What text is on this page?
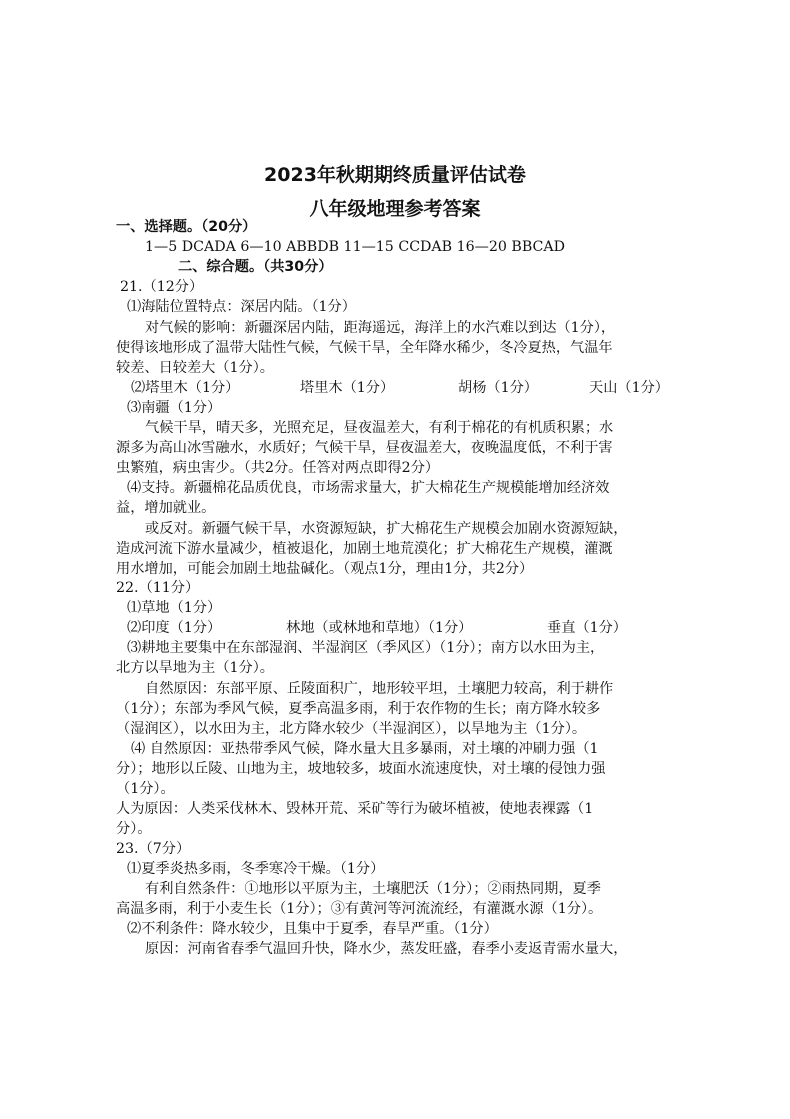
2023年秋期期终质量评估试卷
八年级地理参考答案
一、选择题。（20分）
1—5 DCADA 6—10 ABBDB 11—15 CCDAB 16—20 BBCAD
二、综合题。（共30分）
21.（12分）
⑴海陆位置特点：深居内陆。（1分）
对气候的影响：新疆深居内陆，距海遥远，海洋上的水汽难以到达（1分），
使得该地形成了温带大陆性气候，气候干旱，全年降水稀少，冬冷夏热，气温年
较差、日较差大（1分）。
⑵塔里木（1分）	塔里木（1分）	胡杨（1分）	天山（1分）
⑶南疆（1分）
气候干旱，晴天多，光照充足，昼夜温差大，有利于棉花的有机质积累；水
源多为高山冰雪融水，水质好；气候干旱，昼夜温差大，夜晚温度低，不利于害
虫繁殖，病虫害少。（共2分。任答对两点即得2分）
⑷支持。新疆棉花品质优良，市场需求量大，扩大棉花生产规模能增加经济效
益，增加就业。
或反对。新疆气候干旱，水资源短缺，扩大棉花生产规模会加剧水资源短缺，
造成河流下游水量减少，植被退化，加剧土地荒漠化；扩大棉花生产规模，灌溉
用水增加，可能会加剧土地盐碱化。（观点1分，理由1分，共2分）
22.（11分）
⑴草地（1分）
⑵印度（1分）	林地（或林地和草地）（1分）	垂直（1分）
⑶耕地主要集中在东部湿润、半湿润区（季风区）（1分）；南方以水田为主，
北方以旱地为主（1分）。
自然原因：东部平原、丘陵面积广，地形较平坦，土壤肥力较高，利于耕作
（1分）；东部为季风气候，夏季高温多雨，利于农作物的生长；南方降水较多
（湿润区），以水田为主，北方降水较少（半湿润区），以旱地为主（1分）。
⑷ 自然原因：亚热带季风气候，降水量大且多暴雨，对土壤的冲刷力强（1
分）；地形以丘陵、山地为主，坡地较多，坡面水流速度快，对土壤的侵蚀力强
（1分）。
人为原因：人类采伐林木、毁林开荒、采矿等行为破坏植被，使地表裸露（1
分）。
23.（7分）
⑴夏季炎热多雨，冬季寒冷干燥。（1分）
有利自然条件：①地形以平原为主，土壤肥沃（1分）；②雨热同期，夏季
高温多雨，利于小麦生长（1分）；③有黄河等河流流经，有灌溉水源（1分）。
⑵不利条件：降水较少，且集中于夏季，春旱严重。（1分）
原因：河南省春季气温回升快，降水少，蒸发旺盛，春季小麦返青需水量大，
